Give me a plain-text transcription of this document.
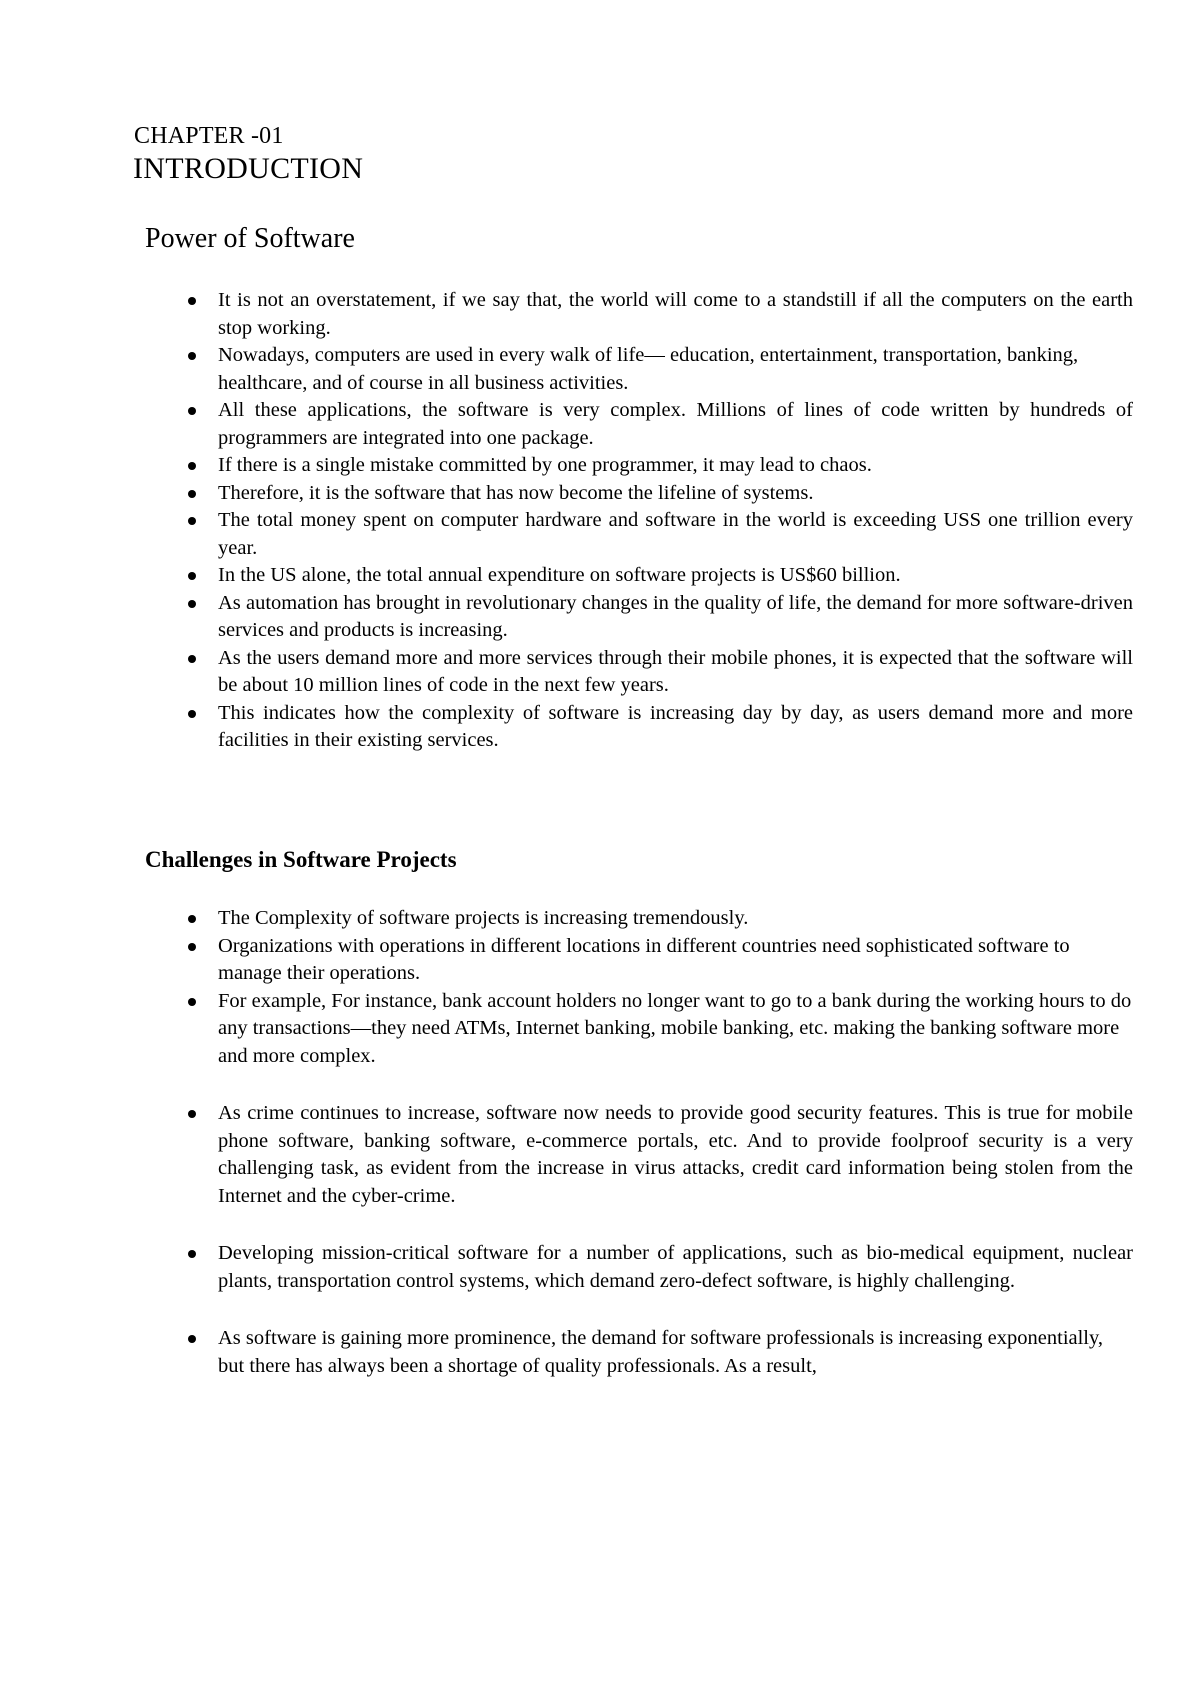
CHAPTER -01
INTRODUCTION
Power of Software
It is not an overstatement, if we say that, the world will come to a standstill if all the computers on the earth stop working.
Nowadays, computers are used in every walk of life— education, entertainment, transportation, banking, healthcare, and of course in all business activities.
All these applications, the software is very complex. Millions of lines of code written by hundreds of programmers are integrated into one package.
If there is a single mistake committed by one programmer, it may lead to chaos.
Therefore, it is the software that has now become the lifeline of systems.
The total money spent on computer hardware and software in the world is exceeding USS one trillion every year.
In the US alone, the total annual expenditure on software projects is US$60 billion.
As automation has brought in revolutionary changes in the quality of life, the demand for more software-driven services and products is increasing.
As the users demand more and more services through their mobile phones, it is expected that the software will be about 10 million lines of code in the next few years.
This indicates how the complexity of software is increasing day by day, as users demand more and more facilities in their existing services.
Challenges in Software Projects
The Complexity of software projects is increasing tremendously.
Organizations with operations in different locations in different countries need sophisticated software to manage their operations.
For example, For instance, bank account holders no longer want to go to a bank during the working hours to do any transactions—they need ATMs, Internet banking, mobile banking, etc. making the banking software more and more complex.
As crime continues to increase, software now needs to provide good security features. This is true for mobile phone software, banking software, e-commerce portals, etc. And to provide foolproof security is a very challenging task, as evident from the increase in virus attacks, credit card information being stolen from the Internet and the cyber-crime.
Developing mission-critical software for a number of applications, such as bio-medical equipment, nuclear plants, transportation control systems, which demand zero-defect software, is highly challenging.
As software is gaining more prominence, the demand for software professionals is increasing exponentially, but there has always been a shortage of quality professionals. As a result,
